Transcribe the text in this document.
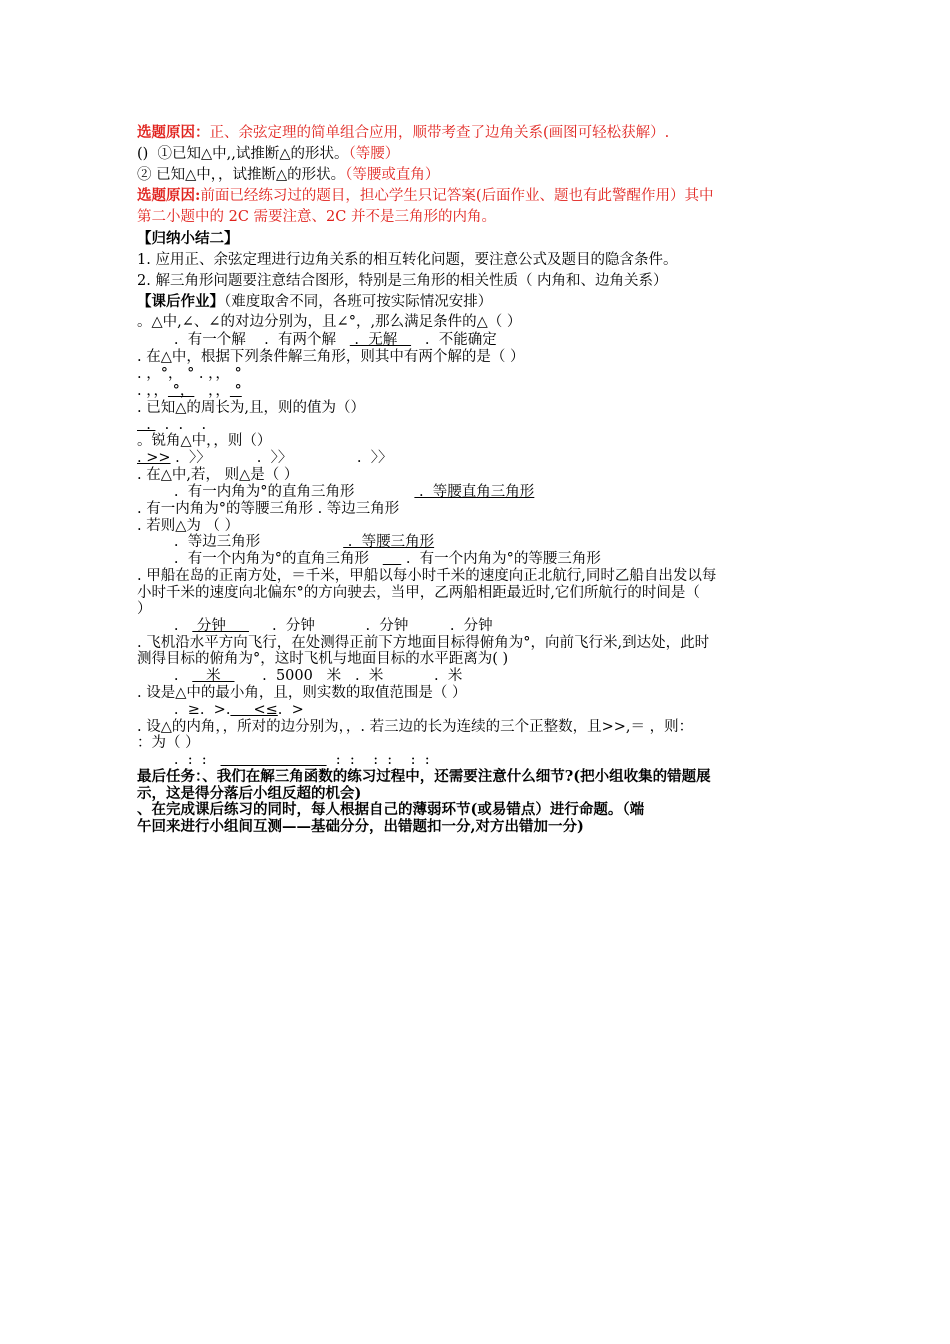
选题原因：正、余弦定理的简单组合应用，顺带考查了边角关系(画图可轻松获解）.
()  ①已知△中,,试推断△的形状。（等腰）
② 已知△中，，试推断△的形状。（等腰或直角）
选题原因:前面已经练习过的题目，担心学生只记答案(后面作业、题也有此警醒作用）其中
第二小题中的 2C 需要注意、2C 并不是三角形的内角。
【归纳小结二】
1. 应用正、余弦定理进行边角关系的相互转化问题，要注意公式及题目的隐含条件。
2. 解三角形问题要注意结合图形，特别是三角形的相关性质（ 内角和、边角关系）
【课后作业】（难度取舍不同，各班可按实际情况安排）
。△中,∠、∠的对边分别为，且∠°，,那么满足条件的△（ ）
.  有一个解    .  有两个解    .  无解      .  不能确定
. 在△中，根据下列条件解三角形，则其中有两个解的是（ ）
. ，°， ° . ，， °
. ，， °，   ，， °
. 已知△的周长为,且，则的值为（）
.   .  .    .
。锐角△中，，则（）
. >> .  〉〉          .  〉〉              .  〉〉
. 在△中,若， 则△是（ ）
.  有一内角为°的直角三角形              .  等腰直角三角形
. 有一内角为°的等腰三角形 . 等边三角形
. 若则△为 （ ）
.  等边三角形                   .  等腰三角形
.  有一个内角为°的直角三角形        .  有一个内角为°的等腰三角形
. 甲船在岛的正南方处，＝千米，甲船以每小时千米的速度向正北航行,同时乙船自出发以每
小时千米的速度向北偏东°的方向驶去，当甲，乙两船相距最近时,它们所航行的时间是（
）
.    分钟          .  分钟           .  分钟         .  分钟
. 飞机沿水平方向飞行，在处测得正前下方地面目标得俯角为°，向前飞行米,到达处，此时
测得目标的俯角为°，这时飞机与地面目标的水平距离为( )
.      米         .  5000   米   .  米           .  米
. 设是△中的最小角，且，则实数的取值范围是（ ）
.  ≥.  >.     <≤.  >
. 设△的内角，，所对的边分别为，，. 若三边的长为连续的三个正整数，且>>,＝ ，则：
：为（ ）
.  :  :	:  :    :  :    :  :
最后任务：、我们在解三角函数的练习过程中，还需要注意什么细节?(把小组收集的错题展
示，这是得分落后小组反超的机会)
、在完成课后练习的同时，每人根据自己的薄弱环节(或易错点）进行命题。（端
午回来进行小组间互测——基础分分，出错题扣一分,对方出错加一分)
